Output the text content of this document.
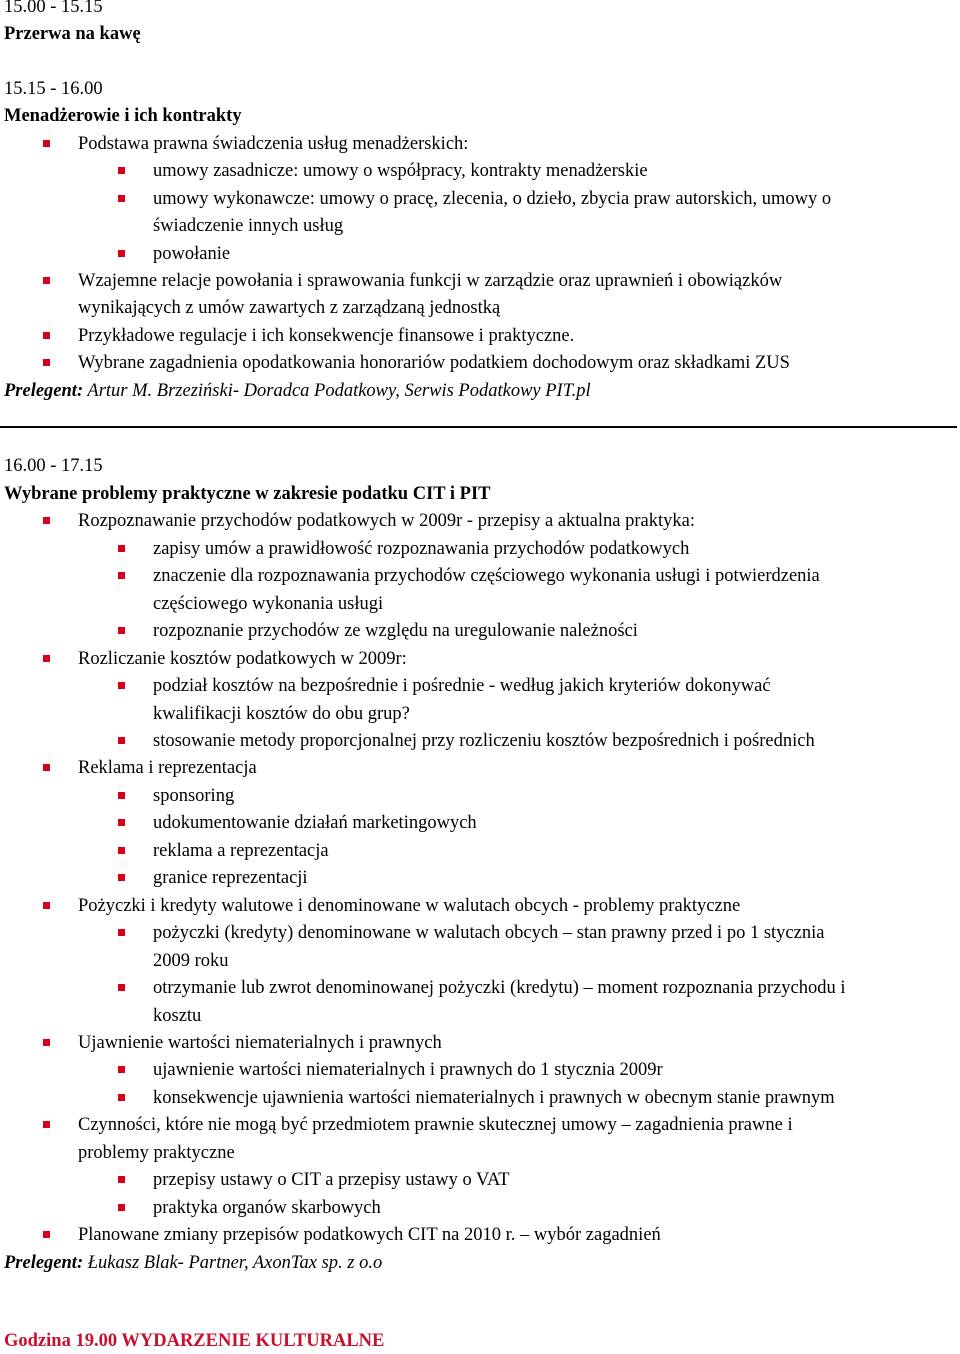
15.00 - 15.15
Przerwa na kawę
15.15 - 16.00
Menadżerowie i ich kontrakty
Podstawa prawna świadczenia usług menadżerskich:
umowy zasadnicze: umowy o współpracy, kontrakty menadżerskie
umowy wykonawcze: umowy o pracę, zlecenia, o dzieło, zbycia praw autorskich, umowy o
świadczenie innych usług
powołanie
Wzajemne relacje powołania i sprawowania funkcji w zarządzie oraz uprawnień i obowiązków
wynikających z umów zawartych z zarządzaną jednostką
Przykładowe regulacje i ich konsekwencje finansowe i praktyczne.
Wybrane zagadnienia opodatkowania honorariów podatkiem dochodowym oraz składkami ZUS
Prelegent: Artur M. Brzeziński- Doradca Podatkowy, Serwis Podatkowy PIT.pl
16.00 - 17.15
Wybrane problemy praktyczne w zakresie podatku CIT i PIT
Rozpoznawanie przychodów podatkowych w 2009r - przepisy a aktualna praktyka:
zapisy umów a prawidłowość rozpoznawania przychodów podatkowych
znaczenie dla rozpoznawania przychodów częściowego wykonania usługi i potwierdzenia
częściowego wykonania usługi
rozpoznanie przychodów ze względu na uregulowanie należności
Rozliczanie kosztów podatkowych w 2009r:
podział kosztów na bezpośrednie i pośrednie - według jakich kryteriów dokonywać
kwalifikacji kosztów do obu grup?
stosowanie metody proporcjonalnej przy rozliczeniu kosztów bezpośrednich i pośrednich
Reklama i reprezentacja
sponsoring
udokumentowanie działań marketingowych
reklama a reprezentacja
granice reprezentacji
Pożyczki i kredyty walutowe i denominowane w walutach obcych - problemy praktyczne
pożyczki (kredyty) denominowane w walutach obcych – stan prawny przed i po 1 stycznia
2009 roku
otrzymanie lub zwrot denominowanej pożyczki (kredytu) – moment rozpoznania przychodu i
kosztu
Ujawnienie wartości niematerialnych i prawnych
ujawnienie wartości niematerialnych i prawnych do 1 stycznia 2009r
konsekwencje ujawnienia wartości niematerialnych i prawnych w obecnym stanie prawnym
Czynności, które nie mogą być przedmiotem prawnie skutecznej umowy – zagadnienia prawne i
problemy praktyczne
przepisy ustawy o CIT a przepisy ustawy o VAT
praktyka organów skarbowych
Planowane zmiany przepisów podatkowych CIT na 2010 r. – wybór zagadnień
Prelegent: Łukasz Blak- Partner, AxonTax sp. z o.o
Godzina 19.00 WYDARZENIE KULTURALNE
